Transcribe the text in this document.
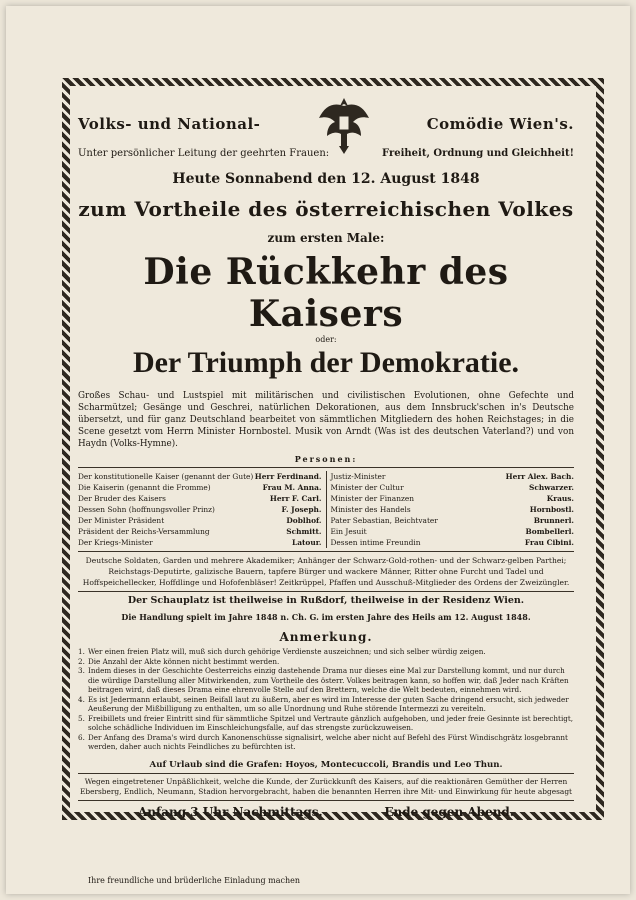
Volks- und National-	Comödie Wien's.
Unter persönlicher Leitung der geehrten Frauen:	Freiheit, Ordnung und Gleichheit!
Heute Sonnabend den 12. August 1848
zum Vortheile des österreichischen Volkes
zum ersten Male:
Die Rückkehr des Kaisers
oder:
Der Triumph der Demokratie.
Großes Schau- und Lustspiel mit militärischen und civilistischen Evolutionen, ohne Gefechte und Scharmützel; Gesänge und Geschrei, natürlichen Dekorationen, aus dem Innsbruck'schen in's Deutsche übersetzt, und für ganz Deutschland bearbeitet von sämmtlichen Mitgliedern des hohen Reichstages; in die Scene gesetzt vom Herrn Minister Hornbostel. Musik von Arndt (Was ist des deutschen Vaterland?) und von Haydn (Volks-Hymne).
Personen:
Der konstitutionelle Kaiser (genannt der Gute) Herr Ferdinand.
Die Kaiserin (genannt die Fromme)	Frau M. Anna.
Der Bruder des Kaisers	Herr F. Carl.
Dessen Sohn (hoffnungsvoller Prinz)	F. Joseph.
Der Minister Präsident	Doblhof.
Präsident der Reichs-Versammlung	Schmitt.
Der Kriegs-Minister	Latour.
Justiz-Minister	Herr Alex. Bach.
Minister der Cultur	Schwarzer.
Minister der Finanzen	Kraus.
Minister des Handels	Hornbostl.
Pater Sebastian, Beichtvater	Brunnerl.
Ein Jesuit	Bombellerl.
Dessen intime Freundin	Frau Cibini.
Deutsche Soldaten, Garden und mehrere Akademiker; Anhänger der Schwarz-Gold-rothen- und der Schwarz-gelben Parthei; Reichstags-Deputirte, galizische Bauern, tapfere Bürger und wackere Männer, Ritter ohne Furcht und Tadel und Hoffspeichellecker, Hoffdlinge und Hofofenbläser! Zeitkrüppel, Pfaffen und Ausschuß-Mitglieder des Ordens der Zweizüngler.
Der Schauplatz ist theilweise in Rußdorf, theilweise in der Residenz Wien.
Die Handlung spielt im Jahre 1848 n. Ch. G. im ersten Jahre des Heils am 12. August 1848.
Anmerkung.
1. Wer einen freien Platz will, muß sich durch gehörige Verdienste auszeichnen; und sich selber würdig zeigen.
2. Die Anzahl der Akte können nicht bestimmt werden.
3. Indem dieses in der Geschichte Oesterreichs einzig dastehende Drama nur dieses eine Mal zur Darstellung kommt, und nur durch die würdige Darstellung aller Mitwirkenden, zum Vortheile des österr. Volkes beitragen kann, so hoffen wir, daß Jeder nach Kräften beitragen wird, daß dieses Drama eine ehrenvolle Stelle auf den Brettern, welche die Welt bedeuten, einnehmen wird.
4. Es ist Jedermann erlaubt, seinen Beifall laut zu äußern, aber es wird im Interesse der guten Sache dringend ersucht, sich jedweder Aeußerung der Mißbilligung zu enthalten, um so alle Unordnung und Ruhe störende Intermezzi zu vereiteln.
5. Freibillets und freier Eintritt sind für sämmtliche Spitzel und Vertraute gänzlich aufgehoben, und jeder freie Gesinnte ist berechtigt, solche schädliche Individuen im Einschleichungsfalle, auf das strengste zurückzuweisen.
6. Der Anfang des Drama's wird durch Kanonenschüsse signalisirt, welche aber nicht auf Befehl des Fürst Windischgrätz losgebrannt werden, daher auch nichts Feindliches zu befürchten ist.
Auf Urlaub sind die Grafen: Hoyos, Montecuccoli, Brandis und Leo Thun.
Wegen eingetretener Unpäßlichkeit, welche die Kunde, der Zurückkunft des Kaisers, auf die reaktionären Gemüther der Herren Ebersberg, Endlich, Neumann, Stadion hervorgebracht, haben die benannten Herren ihre Mit- und Einwirkung für heute abgesagt
Anfang 3 Uhr Nachmittags.	Ende gegen Abend.
Ihre freundliche und brüderliche Einladung machen
